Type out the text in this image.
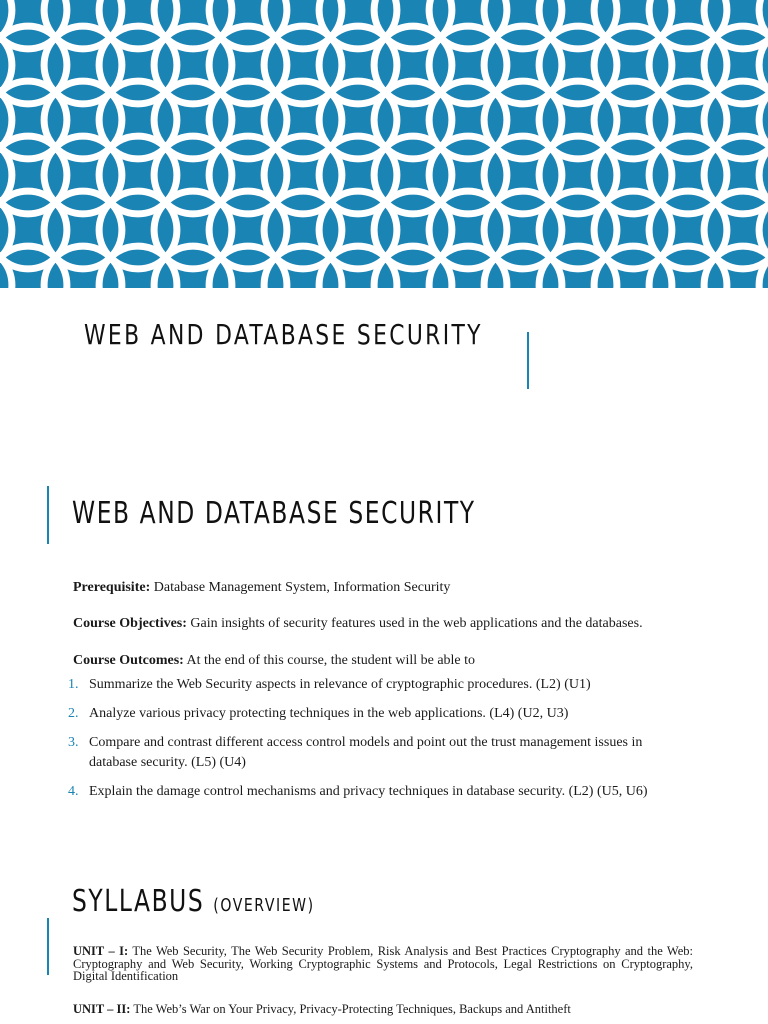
WEB AND DATABASE SECURITY
WEB AND DATABASE SECURITY
Prerequisite: Database Management System, Information Security
Course Objectives: Gain insights of security features used in the web applications and the databases.
Course Outcomes: At the end of this course, the student will be able to
1. Summarize the Web Security aspects in relevance of cryptographic procedures. (L2) (U1)
2. Analyze various privacy protecting techniques in the web applications. (L4) (U2, U3)
3. Compare and contrast different access control models and point out the trust management issues in database security. (L5) (U4)
4. Explain the damage control mechanisms and privacy techniques in database security. (L2) (U5, U6)
SYLLABUS (OVERVIEW)
UNIT – I: The Web Security, The Web Security Problem, Risk Analysis and Best Practices Cryptography and the Web: Cryptography and Web Security, Working Cryptographic Systems and Protocols, Legal Restrictions on Cryptography, Digital Identification
UNIT – II: The Web’s War on Your Privacy, Privacy-Protecting Techniques, Backups and Antitheft
